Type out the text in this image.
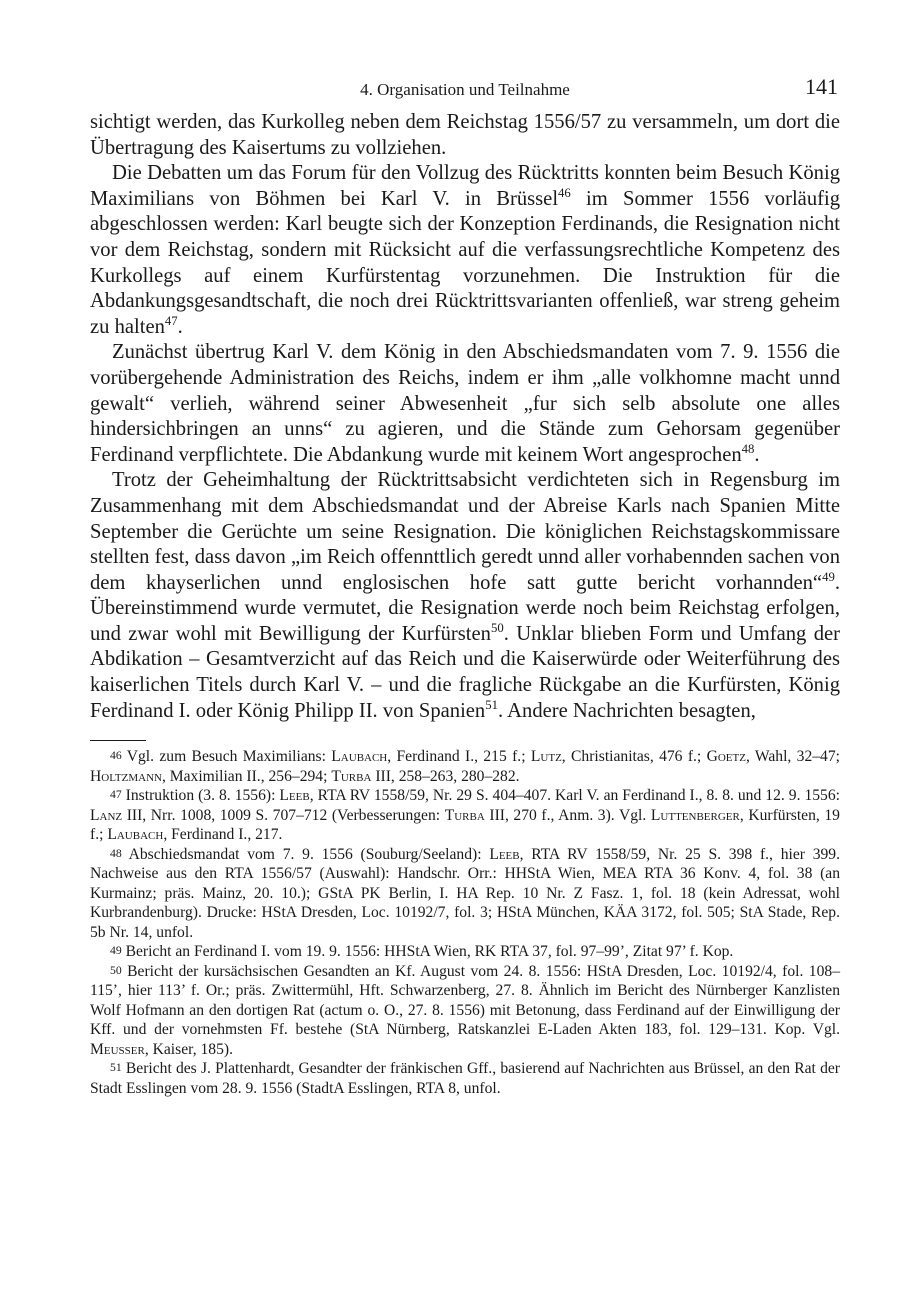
4. Organisation und Teilnahme	141

sichtigt werden, das Kurkolleg neben dem Reichstag 1556/57 zu versammeln, um dort die Übertragung des Kaisertums zu vollziehen.

Die Debatten um das Forum für den Vollzug des Rücktritts konnten beim Besuch König Maximilians von Böhmen bei Karl V. in Brüssel$^{46}$ im Sommer 1556 vorläufig abgeschlossen werden: Karl beugte sich der Konzeption Ferdinands, die Resignation nicht vor dem Reichstag, sondern mit Rücksicht auf die verfassungsrechtliche Kompetenz des Kurkollegs auf einem Kurfürstentag vorzunehmen. Die Instruktion für die Abdankungsgesandtschaft, die noch drei Rücktrittsvarianten offenließ, war streng geheim zu halten$^{47}$.

Zunächst übertrug Karl V. dem König in den Abschiedsmandaten vom 7. 9. 1556 die vorübergehende Administration des Reichs, indem er ihm „alle volkhomne macht unnd gewalt“ verlieh, während seiner Abwesenheit „fur sich selb absolute one alles hindersichbringen an unns“ zu agieren, und die Stände zum Gehorsam gegenüber Ferdinand verpflichtete. Die Abdankung wurde mit keinem Wort angesprochen$^{48}$.

Trotz der Geheimhaltung der Rücktrittsabsicht verdichteten sich in Regensburg im Zusammenhang mit dem Abschiedsmandat und der Abreise Karls nach Spanien Mitte September die Gerüchte um seine Resignation. Die königlichen Reichstagskommissare stellten fest, dass davon „im Reich offennttlich geredt unnd aller vorhabennden sachen von dem khayserlichen unnd englosischen hofe satt gutte bericht vorhannden“$^{49}$. Übereinstimmend wurde vermutet, die Resignation werde noch beim Reichstag erfolgen, und zwar wohl mit Bewilligung der Kurfürsten$^{50}$. Unklar blieben Form und Umfang der Abdikation – Gesamtverzicht auf das Reich und die Kaiserwürde oder Weiterführung des kaiserlichen Titels durch Karl V. – und die fragliche Rückgabe an die Kurfürsten, König Ferdinand I. oder König Philipp II. von Spanien$^{51}$. Andere Nachrichten besagten,

46 Vgl. zum Besuch Maximilians: Laubach, Ferdinand I., 215 f.; Lutz, Christianitas, 476 f.; Goetz, Wahl, 32–47; Holtzmann, Maximilian II., 256–294; Turba III, 258–263, 280–282.

47 Instruktion (3. 8. 1556): Leeb, RTA RV 1558/59, Nr. 29 S. 404–407. Karl V. an Ferdinand I., 8. 8. und 12. 9. 1556: Lanz III, Nrr. 1008, 1009 S. 707–712 (Verbesserungen: Turba III, 270 f., Anm. 3). Vgl. Luttenberger, Kurfürsten, 19 f.; Laubach, Ferdinand I., 217.

48 Abschiedsmandat vom 7. 9. 1556 (Souburg/Seeland): Leeb, RTA RV 1558/59, Nr. 25 S. 398 f., hier 399. Nachweise aus den RTA 1556/57 (Auswahl): Handschr. Orr.: HHStA Wien, MEA RTA 36 Konv. 4, fol. 38 (an Kurmainz; präs. Mainz, 20. 10.); GStA PK Berlin, I. HA Rep. 10 Nr. Z Fasz. 1, fol. 18 (kein Adressat, wohl Kurbrandenburg). Drucke: HStA Dresden, Loc. 10192/7, fol. 3; HStA München, KÄA 3172, fol. 505; StA Stade, Rep. 5b Nr. 14, unfol.

49 Bericht an Ferdinand I. vom 19. 9. 1556: HHStA Wien, RK RTA 37, fol. 97–99’, Zitat 97’ f. Kop.

50 Bericht der kursächsischen Gesandten an Kf. August vom 24. 8. 1556: HStA Dresden, Loc. 10192/4, fol. 108–115’, hier 113’ f. Or.; präs. Zwittermühl, Hft. Schwarzenberg, 27. 8. Ähnlich im Bericht des Nürnberger Kanzlisten Wolf Hofmann an den dortigen Rat (actum o. O., 27. 8. 1556) mit Betonung, dass Ferdinand auf der Einwilligung der Kff. und der vornehmsten Ff. bestehe (StA Nürnberg, Ratskanzlei E-Laden Akten 183, fol. 129–131. Kop. Vgl. Meusser, Kaiser, 185).

51 Bericht des J. Plattenhardt, Gesandter der fränkischen Gff., basierend auf Nachrichten aus Brüssel, an den Rat der Stadt Esslingen vom 28. 9. 1556 (StadtA Esslingen, RTA 8, unfol.
